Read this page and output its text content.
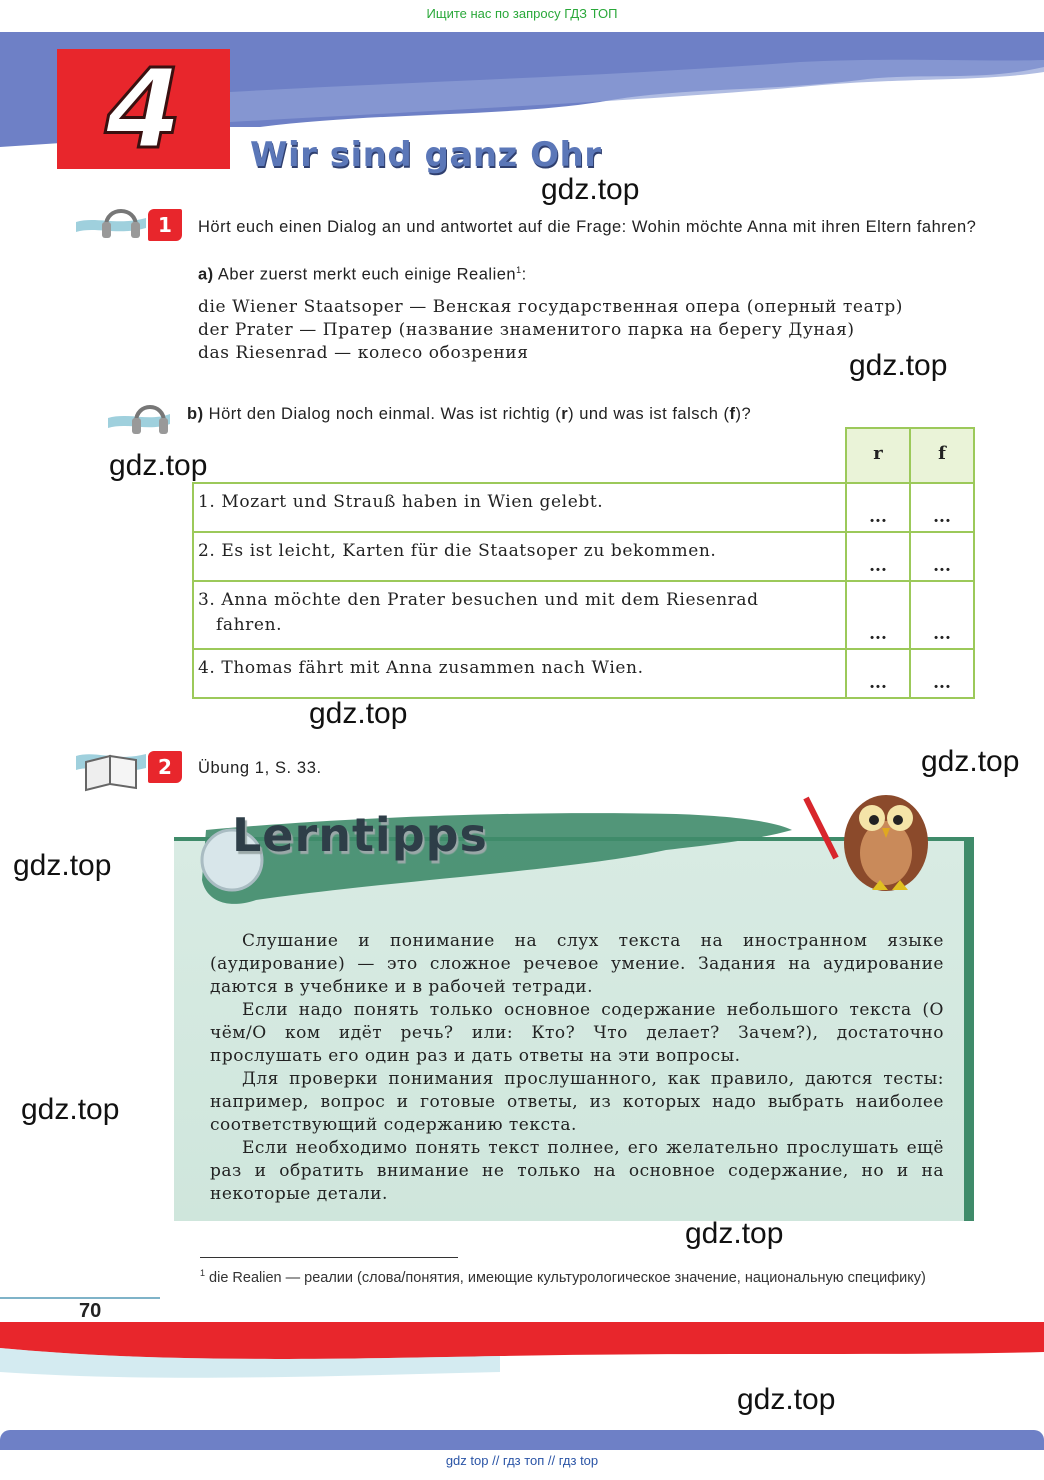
Ищите нас по запросу ГДЗ ТОП
4	Wir sind ganz Ohr
1	Hört euch einen Dialog an und antwortet auf die Frage: Wohin möchte Anna mit ihren Eltern fahren?
a) Aber zuerst merkt euch einige Realien$^1$:
die Wiener Staatsoper — Венская государственная опера (оперный театр)
der Prater — Пратер (название знаменитого парка на берегу Дуная)
das Riesenrad — колесо обозрения
b) Hört den Dialog noch einmal. Was ist richtig (r) und was ist falsch (f)?
	r	f
1. Mozart und Strauß haben in Wien gelebt.	...	...
2. Es ist leicht, Karten für die Staatsoper zu bekommen.	...	...
3. Anna möchte den Prater besuchen und mit dem Riesenrad
fahren.	...	...
4. Thomas fährt mit Anna zusammen nach Wien.	...	...
2	Übung 1, S. 33.
Lerntipps

Слушание и понимание на слух текста на иностранном языке (аудирование) — это сложное речевое умение. Задания на аудирование даются в учебнике и в рабочей тетради.

Если надо понять только основное содержание небольшого текста (О чём/О ком идёт речь? или: Кто? Что делает? Зачем?), достаточно прослушать его один раз и дать ответы на эти вопросы.

Для проверки понимания прослушанного, как правило, даются тесты: например, вопрос и готовые ответы, из которых надо выбрать наиболее соответствующий содержанию текста.

Если необходимо понять текст полнее, его желательно прослушать ещё раз и обратить внимание не только на основное содержание, но и на некоторые детали.

$^1$ die Realien — реалии (слова/понятия, имеющие культурологическое значение, национальную специфику)
70
gdz.top
gdz.top
gdz.top
gdz.top
gdz.top
gdz.top
gdz.top
gdz.top
gdz.top
gdz top // гдз топ // гдз top
